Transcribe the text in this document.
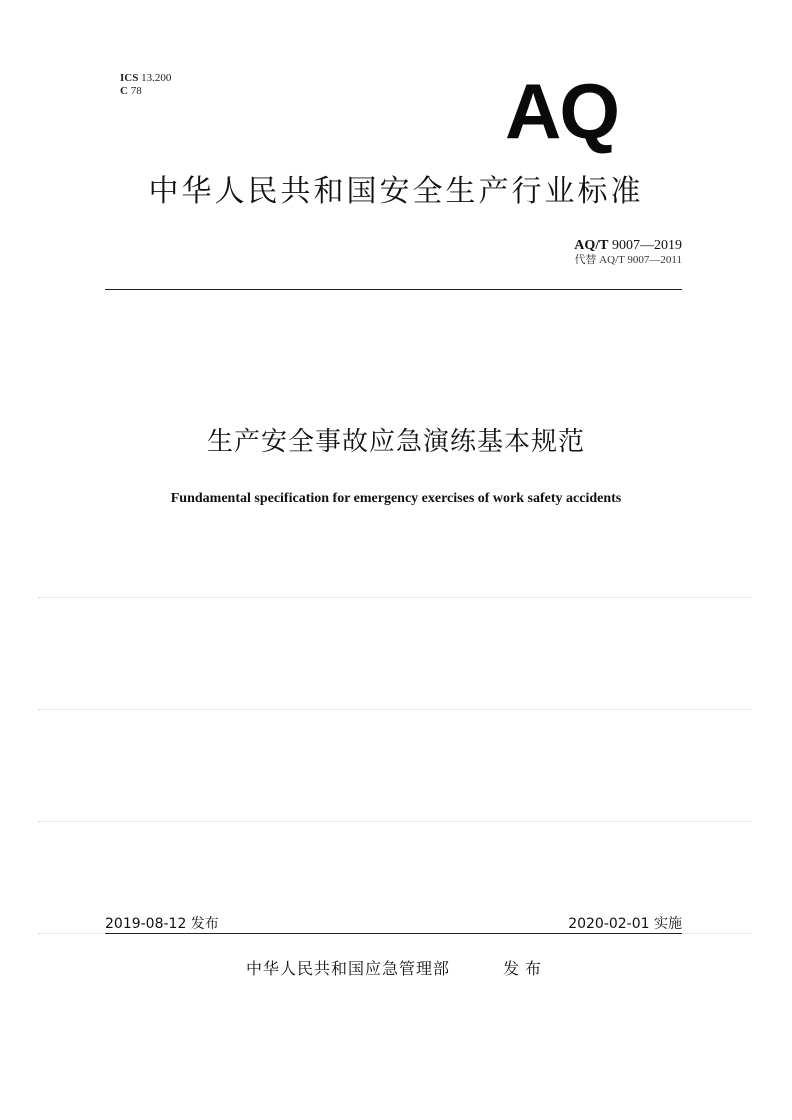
ICS 13.200
C 78	AQ
中华人民共和国安全生产行业标准
AQ/T 9007—2019
代替 AQ/T 9007—2011
生产安全事故应急演练基本规范
Fundamental specification for emergency exercises of work safety accidents
2019-08-12 发布	2020-02-01 实施
中华人民共和国应急管理部	发布
